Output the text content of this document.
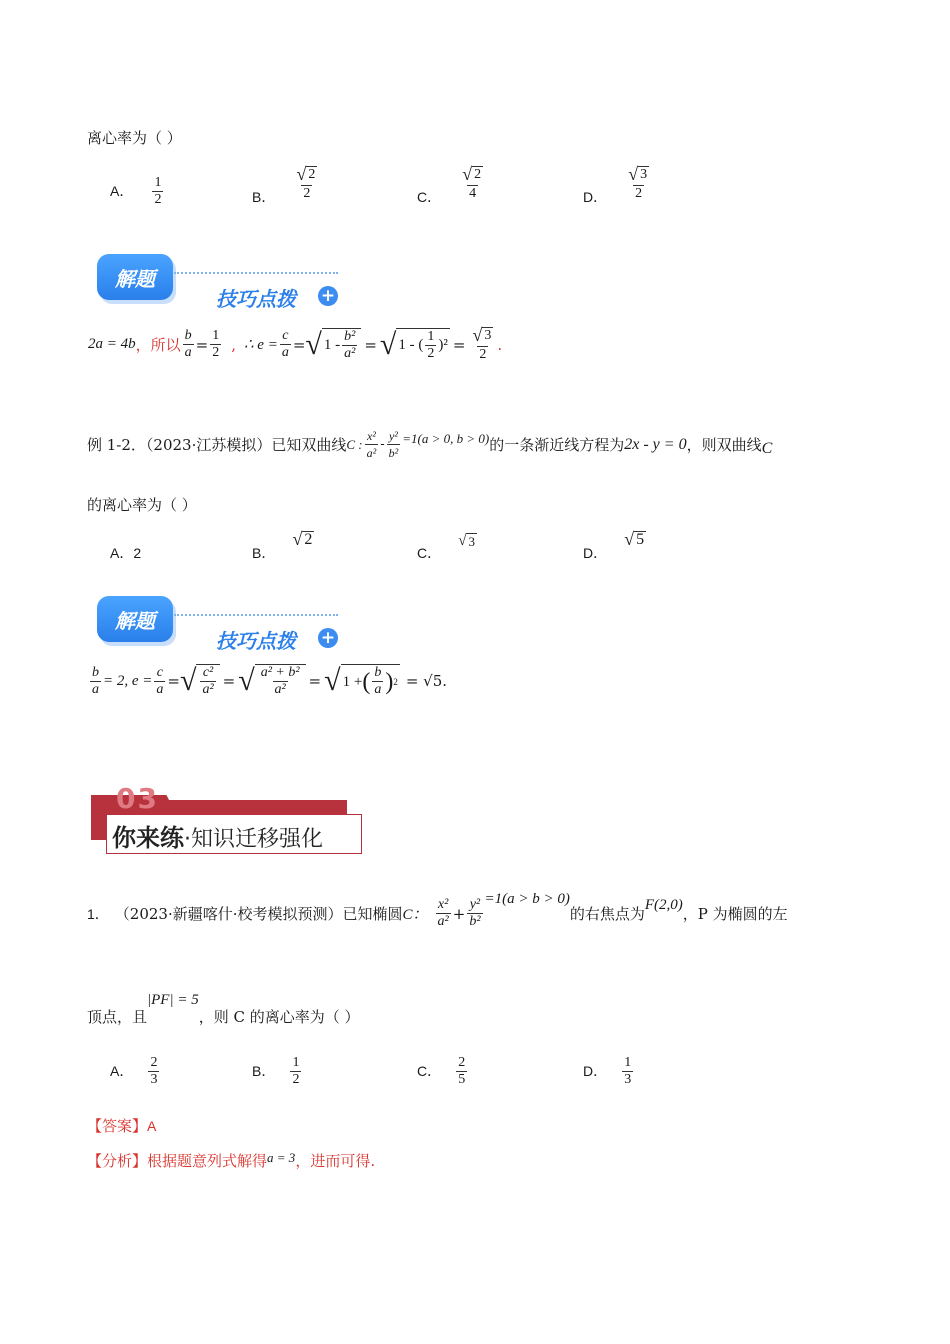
离心率为（ ）
A． $\frac{1}{2}$	B． $\frac{√ 2}{2}$	C． $\frac{√ 2}{4}$	D． $\frac{√ 3}{2}$
解题
技巧点拨 +
2a = 4b ，所以 $\frac{b}{a} = \frac{1}{2}$ , ∴ $e = \frac{c}{a}$ = √ $1 - \frac{\text{b²}}{\text{a²}}$ = √ 1 - ( $\frac{1}{2} )^2 = \frac{√ 3}{2}$ .
例 1-2．（2023·江苏模拟）已知双曲线 C : $\frac{\text{x²}}{\text{a²}} - \frac{\text{y²}}{\text{b²}} =1(a > 0$, b > 0) 的一条渐近线方程为 2x - y = 0 ，则双曲线 C
的离心率为（ ）
A．2	B．
√ 2
C．
√ 3
D．
√ 5
解题
技巧点拨 +
$\frac{b}{a} = 2$, $e = \frac{c}{a}$ = √ $\frac{\text{c²}}{\text{a²}}$ = √ $\frac{\text{a² + b²}}{\text{a²}}$ = √ 1 + ( $\frac{b}{a}$ ) 2 = √5 .
03
你来练·知识迁移强化
1． （2023·新疆喀什·校考模拟预测）已知椭圆 C： $\frac{\text{x²}}{\text{a²}} + \frac{\text{y²}}{\text{b²}} =1(a > b > 0)$
的右焦点为 F(2,0) ，P 为椭圆的左
顶点，且
|PF| = 5
，则 C 的离心率为（ ）
A． $\frac{2}{3}$	B． $\frac{1}{2}$	C． $\frac{2}{5}$	D． $\frac{1}{3}$
【答案】A
【分析】根据题意列式解得a = 3，进而可得.
